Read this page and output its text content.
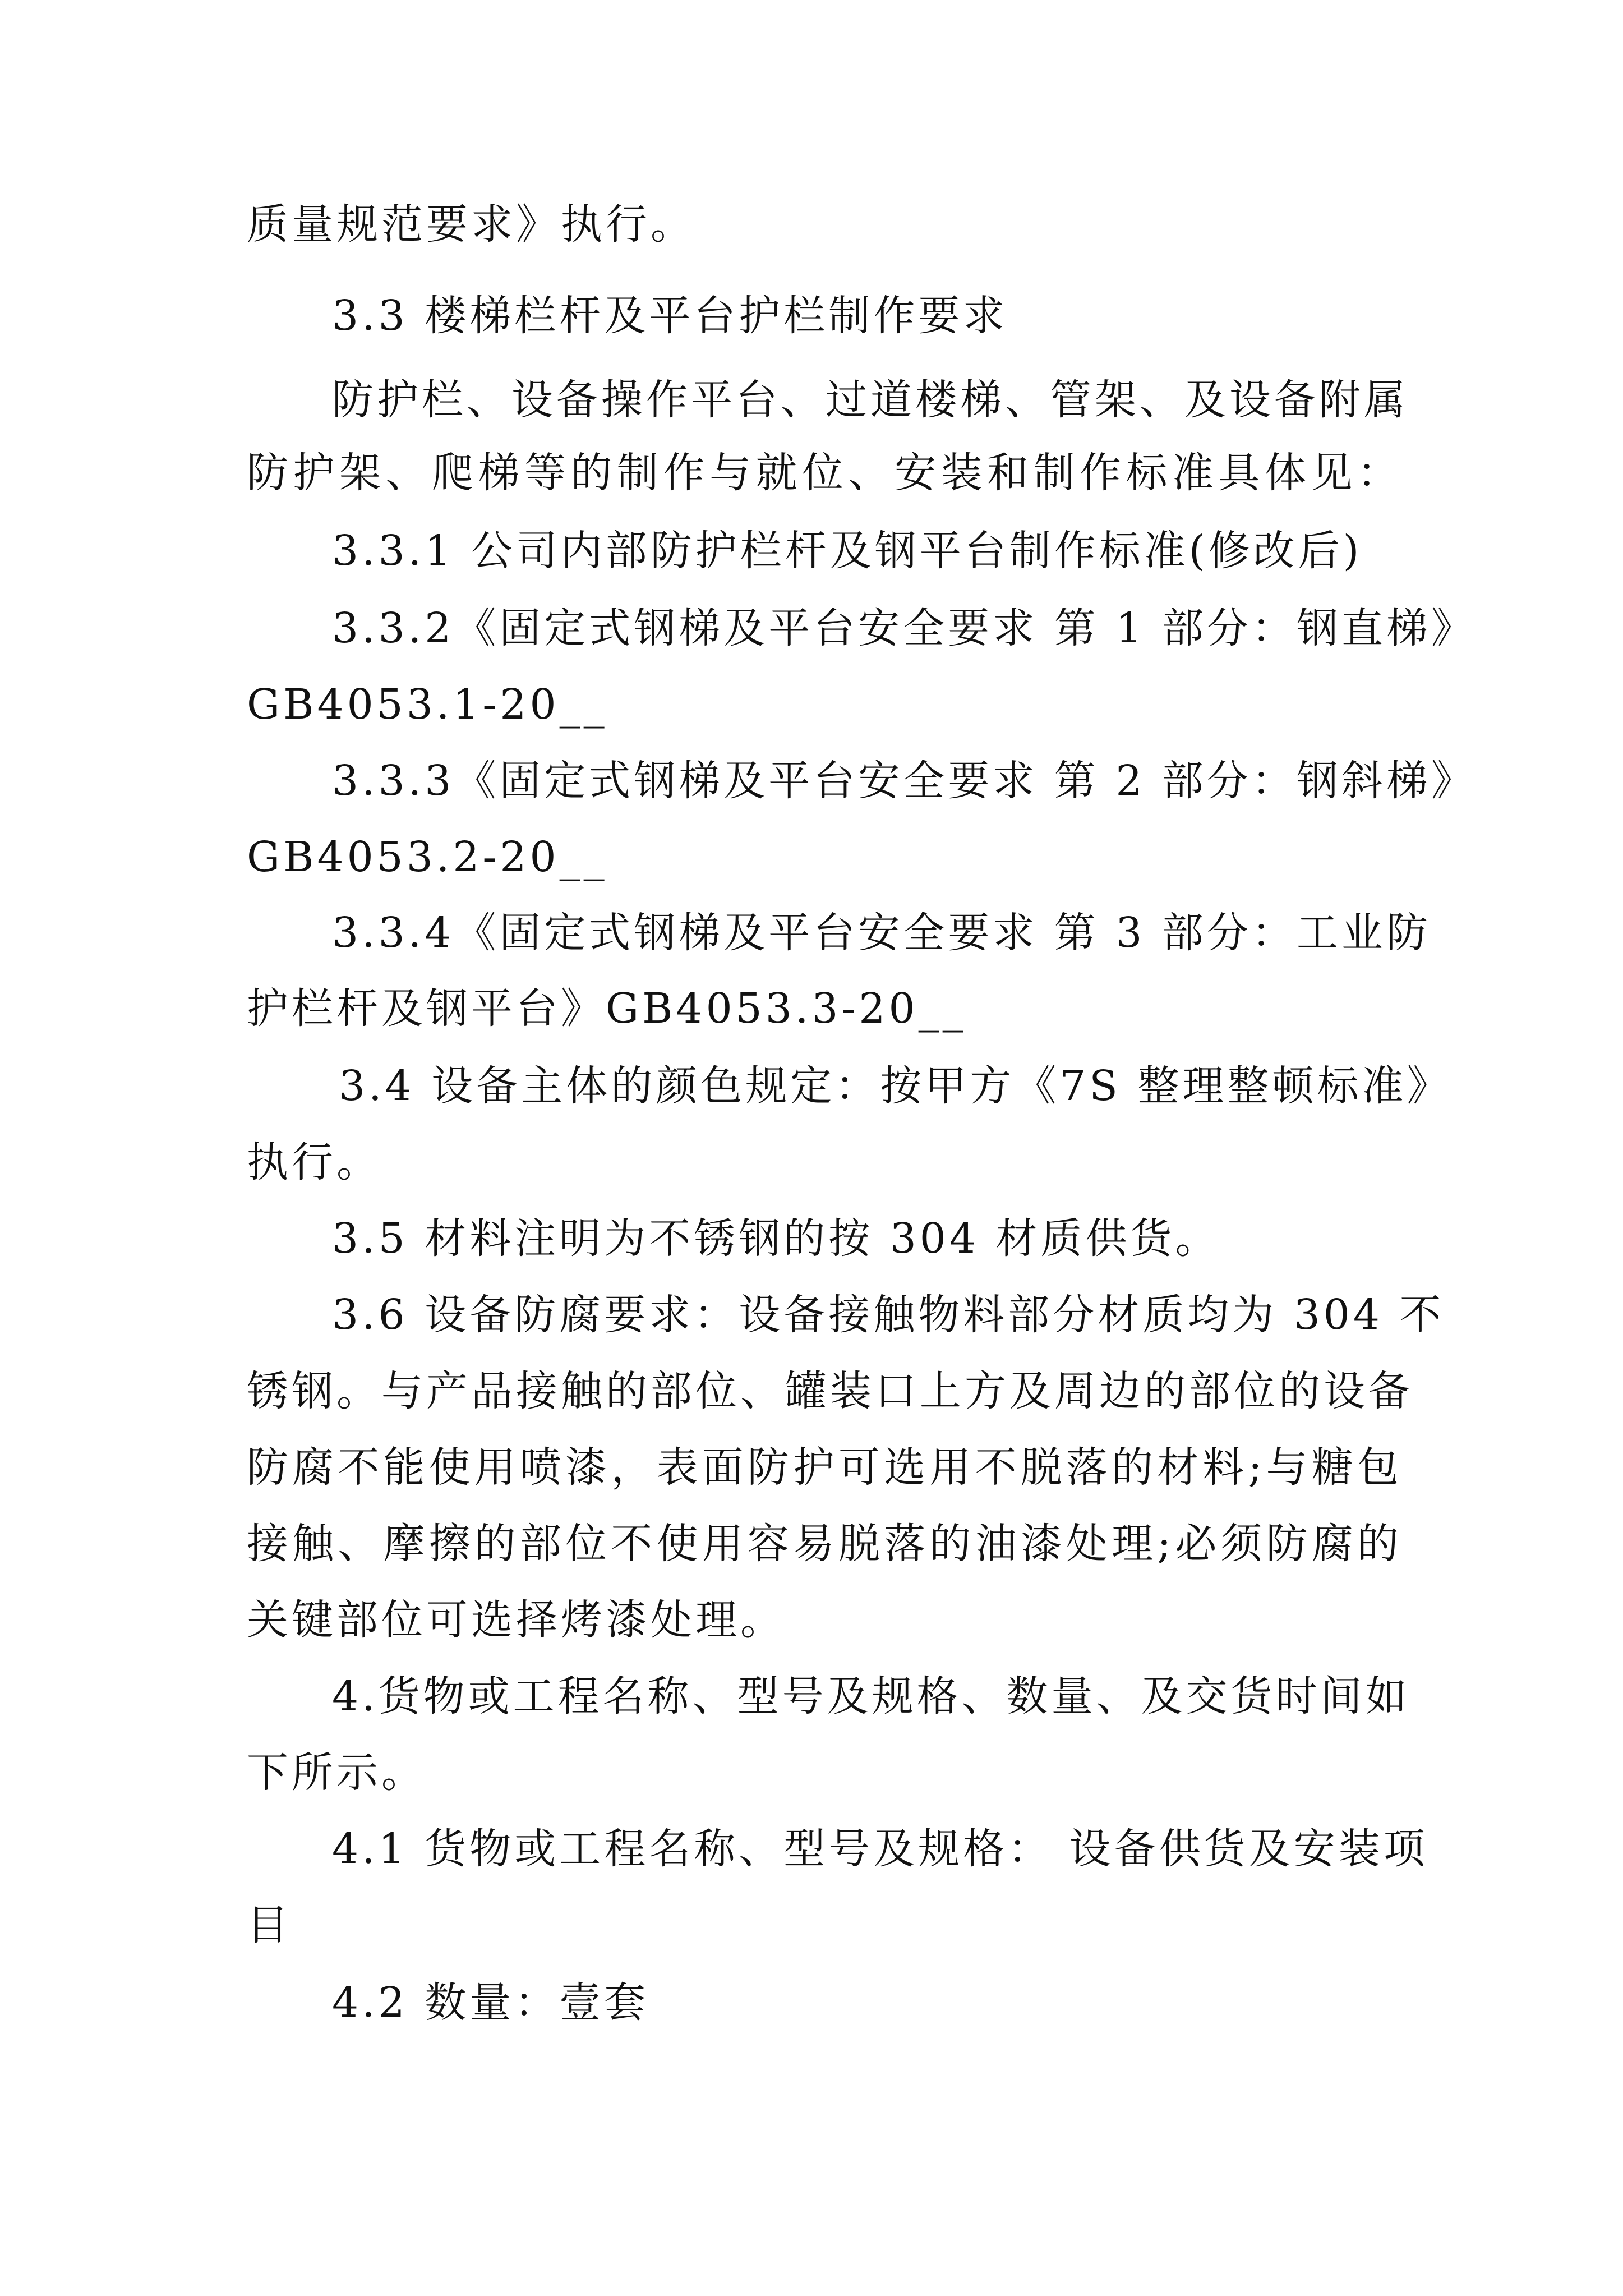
质量规范要求》执行。
3.3 楼梯栏杆及平台护栏制作要求
防护栏、设备操作平台、过道楼梯、管架、及设备附属
防护架、爬梯等的制作与就位、安装和制作标准具体见：
3.3.1 公司内部防护栏杆及钢平台制作标准(修改后)
3.3.2《固定式钢梯及平台安全要求 第 1 部分：钢直梯》
GB4053.1-20__
3.3.3《固定式钢梯及平台安全要求 第 2 部分：钢斜梯》
GB4053.2-20__
3.3.4《固定式钢梯及平台安全要求 第 3 部分：工业防
护栏杆及钢平台》GB4053.3-20__
3.4 设备主体的颜色规定：按甲方《7S 整理整顿标准》
执行。
3.5 材料注明为不锈钢的按 304 材质供货。
3.6 设备防腐要求：设备接触物料部分材质均为 304 不
锈钢。与产品接触的部位、罐装口上方及周边的部位的设备
防腐不能使用喷漆，表面防护可选用不脱落的材料;与糖包
接触、摩擦的部位不使用容易脱落的油漆处理;必须防腐的
关键部位可选择烤漆处理。
4.货物或工程名称、型号及规格、数量、及交货时间如
下所示。
4.1 货物或工程名称、型号及规格： 设备供货及安装项
目
4.2 数量：壹套
